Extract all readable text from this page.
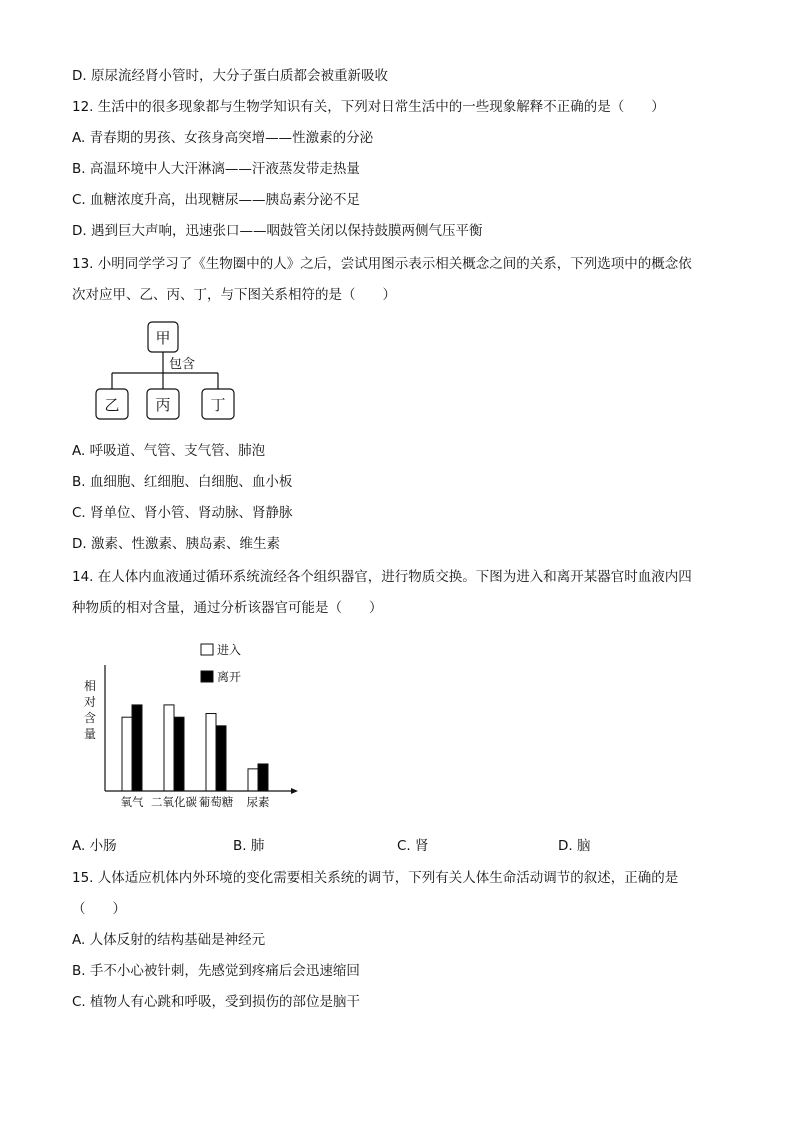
D. 原尿流经肾小管时，大分子蛋白质都会被重新吸收
12. 生活中的很多现象都与生物学知识有关，下列对日常生活中的一些现象解释不正确的是（　　）
A. 青春期的男孩、女孩身高突增——性激素的分泌
B. 高温环境中人大汗淋漓——汗液蒸发带走热量
C. 血糖浓度升高，出现糖尿——胰岛素分泌不足
D. 遇到巨大声响，迅速张口——咽鼓管关闭以保持鼓膜两侧气压平衡
13. 小明同学学习了《生物圈中的人》之后，尝试用图示表示相关概念之间的关系，下列选项中的概念依
次对应甲、乙、丙、丁，与下图关系相符的是（　　）
甲
包含
乙 丙	丁
A. 呼吸道、气管、支气管、肺泡
B. 血细胞、红细胞、白细胞、血小板
C. 肾单位、肾小管、肾动脉、肾静脉
D. 激素、性激素、胰岛素、维生素
14. 在人体内血液通过循环系统流经各个组织器官，进行物质交换。下图为进入和离开某器官时血液内四
种物质的相对含量，通过分析该器官可能是（　　）
氧气 二氧化碳 葡萄糖 尿素
进入
离开
相
对
含
量
A. 小肠	B. 肺	C. 肾	D. 脑
15. 人体适应机体内外环境的变化需要相关系统的调节，下列有关人体生命活动调节的叙述，正确的是
（　　）
A. 人体反射的结构基础是神经元
B. 手不小心被针刺，先感觉到疼痛后会迅速缩回
C. 植物人有心跳和呼吸，受到损伤的部位是脑干
